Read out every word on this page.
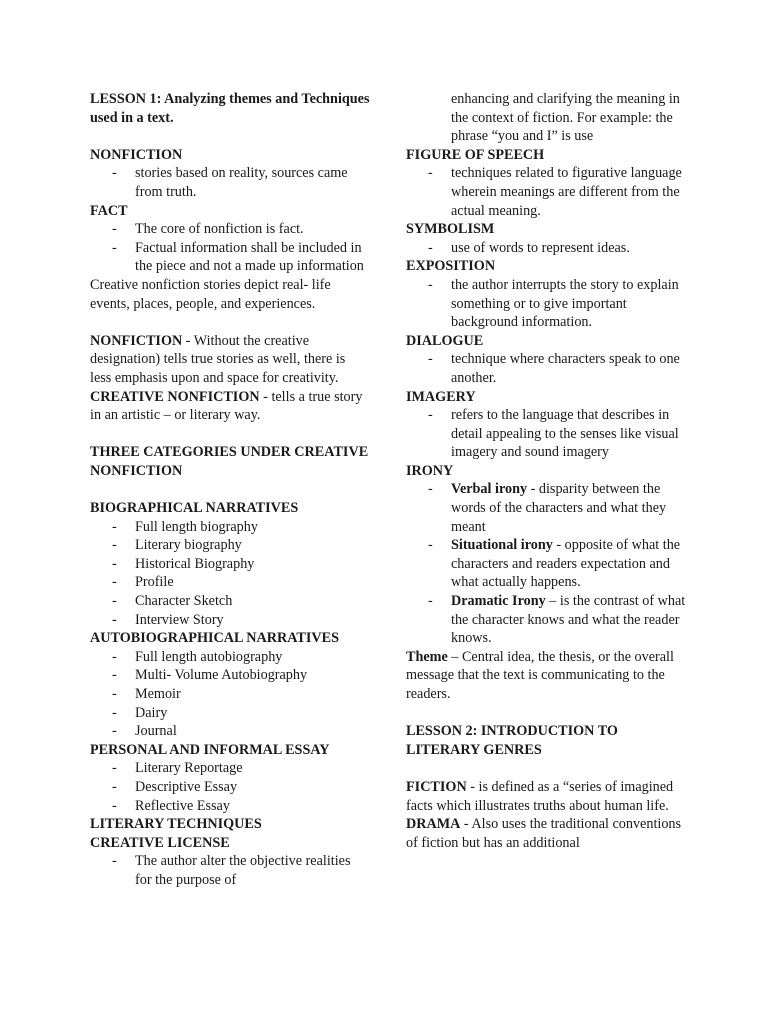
LESSON 1: Analyzing themes and Techniques used in a text.

NONFICTION

- stories based on reality, sources came from truth.

FACT

- The core of nonfiction is fact.
- Factual information shall be included in the piece and not a made up information

Creative nonfiction stories depict real- life events, places, people, and experiences.

NONFICTION - Without the creative designation) tells true stories as well, there is less emphasis upon and space for creativity.

CREATIVE NONFICTION - tells a true story in an artistic – or literary way.

THREE CATEGORIES UNDER CREATIVE NONFICTION

BIOGRAPHICAL NARRATIVES

- Full length biography
- Literary biography
- Historical Biography
- Profile
- Character Sketch
- Interview Story

AUTOBIOGRAPHICAL NARRATIVES

- Full length autobiography
- Multi- Volume Autobiography
- Memoir
- Dairy
- Journal

PERSONAL AND INFORMAL ESSAY

- Literary Reportage
- Descriptive Essay
- Reflective Essay

LITERARY TECHNIQUES

CREATIVE LICENSE

- The author alter the objective realities for the purpose of

enhancing and clarifying the meaning in the context of fiction. For example: the phrase “you and I” is use

FIGURE OF SPEECH

- techniques related to figurative language wherein meanings are different from the actual meaning.

SYMBOLISM

- use of words to represent ideas.

EXPOSITION

- the author interrupts the story to explain something or to give important background information.

DIALOGUE

- technique where characters speak to one another.

IMAGERY

- refers to the language that describes in detail appealing to the senses like visual imagery and sound imagery

IRONY

- Verbal irony - disparity between the words of the characters and what they meant
- Situational irony - opposite of what the characters and readers expectation and what actually happens.
- Dramatic Irony – is the contrast of what the character knows and what the reader knows.

Theme – Central idea, the thesis, or the overall message that the text is communicating to the readers.

LESSON 2: INTRODUCTION TO LITERARY GENRES

FICTION - is defined as a “series of imagined facts which illustrates truths about human life.

DRAMA - Also uses the traditional conventions of fiction but has an additional
